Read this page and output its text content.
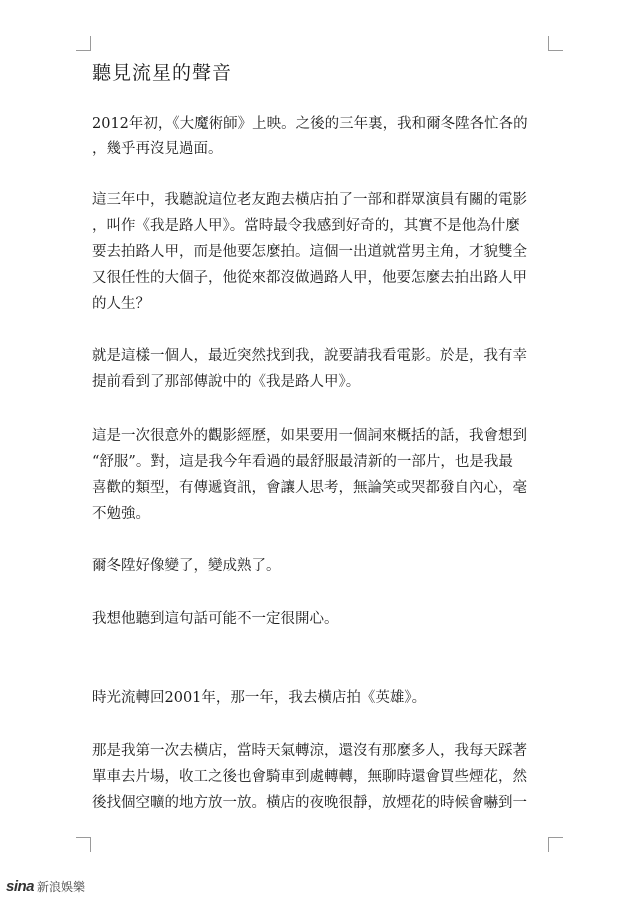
聽見流星的聲音
2012年初，《大魔術師》上映。之後的三年裏，我和爾冬陞各忙各的
，幾乎再沒見過面。
這三年中，我聽說這位老友跑去橫店拍了一部和群眾演員有關的電影
，叫作《我是路人甲》。當時最令我感到好奇的，其實不是他為什麼
要去拍路人甲，而是他要怎麼拍。這個一出道就當男主角，才貌雙全
又很任性的大個子，他從來都沒做過路人甲，他要怎麼去拍出路人甲
的人生？
就是這樣一個人，最近突然找到我，說要請我看電影。於是，我有幸
提前看到了那部傳說中的《我是路人甲》。
這是一次很意外的觀影經歷，如果要用一個詞來概括的話，我會想到
“舒服”。對，這是我今年看過的最舒服最清新的一部片，也是我最
喜歡的類型，有傳遞資訊，會讓人思考，無論笑或哭都發自內心，毫
不勉強。
爾冬陞好像變了，變成熟了。
我想他聽到這句話可能不一定很開心。
時光流轉回2001年，那一年，我去橫店拍《英雄》。
那是我第一次去橫店，當時天氣轉涼，還沒有那麼多人，我每天踩著
單車去片場，收工之後也會騎車到處轉轉，無聊時還會買些煙花，然
後找個空曠的地方放一放。橫店的夜晚很靜，放煙花的時候會嚇到一
sina 新浪娛樂
